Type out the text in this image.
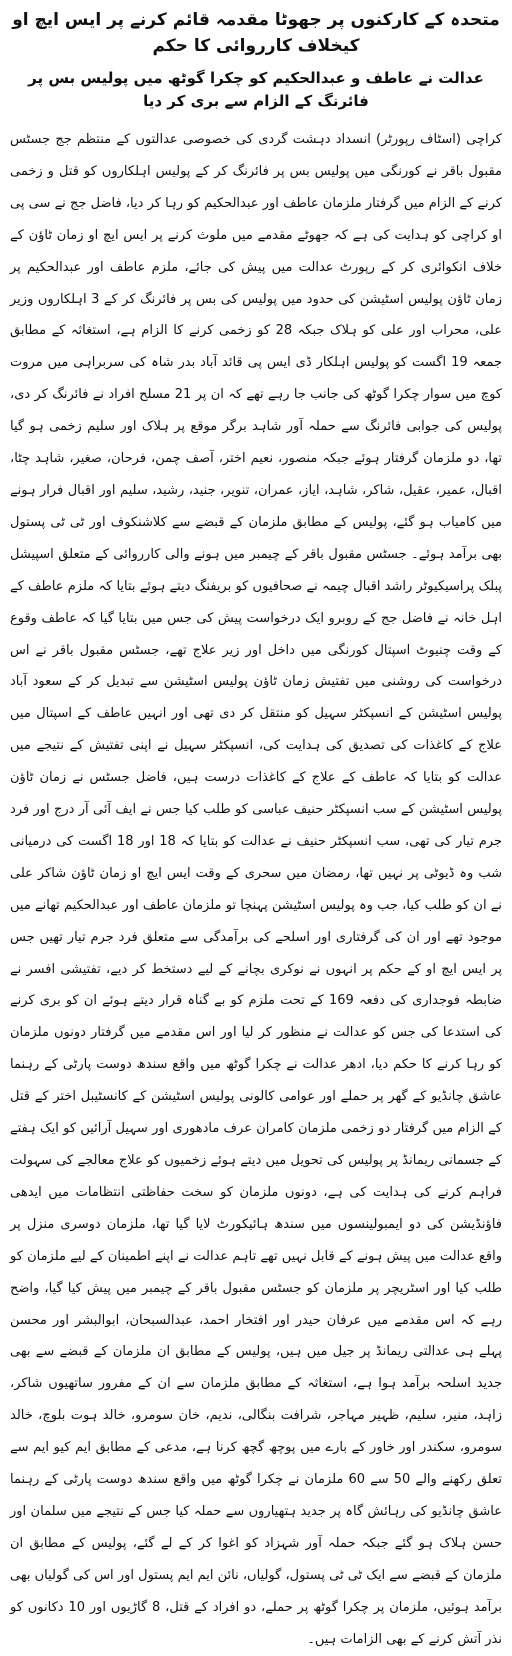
متحدہ کے کارکنوں پر جھوٹا مقدمہ قائم کرنے پر ایس ایچ او کیخلاف کارروائی کا حکم
عدالت نے عاطف و عبدالحکیم کو چکرا گوٹھ میں پولیس بس پر فائرنگ کے الزام سے بری کر دیا

کراچی (اسٹاف رپورٹر) انسداد دہشت گردی کی خصوصی عدالتوں کے منتظم جج جسٹس مقبول باقر نے کورنگی میں پولیس بس پر فائرنگ کر کے پولیس اہلکاروں کو قتل و زخمی کرنے کے الزام میں گرفتار ملزمان عاطف اور عبدالحکیم کو رہا کر دیا، فاضل جج نے سی پی او کراچی کو ہدایت کی ہے کہ جھوٹے مقدمے میں ملوث کرنے پر ایس ایچ او زمان ٹاؤن کے خلاف انکوائری کر کے رپورٹ عدالت میں پیش کی جائے، ملزم عاطف اور عبدالحکیم پر زمان ٹاؤن پولیس اسٹیشن کی حدود میں پولیس کی بس پر فائرنگ کر کے 3 اہلکاروں وزیر علی، محراب اور علی کو ہلاک جبکہ 28 کو زخمی کرنے کا الزام ہے، استغاثہ کے مطابق جمعہ 19 اگست کو پولیس اہلکار ڈی ایس پی قائد آباد بدر شاہ کی سربراہی میں مروت کوچ میں سوار چکرا گوٹھ کی جانب جا رہے تھے کہ ان پر 21 مسلح افراد نے فائرنگ کر دی، پولیس کی جوابی فائرنگ سے حملہ آور شاہد برگر موقع پر ہلاک اور سلیم زخمی ہو گیا تھا، دو ملزمان گرفتار ہوئے جبکہ منصور، نعیم اختر، آصف چمن، فرحان، صغیر، شاہد چٹا، اقبال، عمیر، عقیل، شاکر، شاہد، ایاز، عمران، تنویر، جنید، رشید، سلیم اور اقبال فرار ہونے میں کامیاب ہو گئے، پولیس کے مطابق ملزمان کے قبضے سے کلاشنکوف اور ٹی ٹی پستول بھی برآمد ہوئے۔ جسٹس مقبول باقر کے چیمبر میں ہونے والی کارروائی کے متعلق اسپیشل پبلک پراسیکیوٹر راشد اقبال چیمہ نے صحافیوں کو بریفنگ دیتے ہوئے بتایا کہ ملزم عاطف کے اہل خانہ نے فاضل جج کے روبرو ایک درخواست پیش کی جس میں بتایا گیا کہ عاطف وقوع کے وقت چنیوٹ اسپتال کورنگی میں داخل اور زیر علاج تھے، جسٹس مقبول باقر نے اس درخواست کی روشنی میں تفتیش زمان ٹاؤن پولیس اسٹیشن سے تبدیل کر کے سعود آباد پولیس اسٹیشن کے انسپکٹر سہیل کو منتقل کر دی تھی اور انہیں عاطف کے اسپتال میں علاج کے کاغذات کی تصدیق کی ہدایت کی، انسپکٹر سہیل نے اپنی تفتیش کے نتیجے میں عدالت کو بتایا کہ عاطف کے علاج کے کاغذات درست ہیں، فاضل جسٹس نے زمان ٹاؤن پولیس اسٹیشن کے سب انسپکٹر حنیف عباسی کو طلب کیا جس نے ایف آئی آر درج اور فرد جرم تیار کی تھی، سب انسپکٹر حنیف نے عدالت کو بتایا کہ 18 اور 18 اگست کی درمیانی شب وہ ڈیوٹی پر نہیں تھا، رمضان میں سحری کے وقت ایس ایچ او زمان ٹاؤن شاکر علی نے ان کو طلب کیا، جب وہ پولیس اسٹیشن پہنچا تو ملزمان عاطف اور عبدالحکیم تھانے میں موجود تھے اور ان کی گرفتاری اور اسلحے کی برآمدگی سے متعلق فرد جرم تیار تھیں جس پر ایس ایچ او کے حکم پر انہوں نے نوکری بچانے کے لیے دستخط کر دیے، تفتیشی افسر نے ضابطہ فوجداری کی دفعہ 169 کے تحت ملزم کو بے گناہ قرار دیتے ہوئے ان کو بری کرنے کی استدعا کی جس کو عدالت نے منظور کر لیا اور اس مقدمے میں گرفتار دونوں ملزمان کو رہا کرنے کا حکم دیا، ادھر عدالت نے چکرا گوٹھ میں واقع سندھ دوست پارٹی کے رہنما عاشق چانڈیو کے گھر پر حملے اور عوامی کالونی پولیس اسٹیشن کے کانسٹیبل اختر کے قتل کے الزام میں گرفتار دو زخمی ملزمان کامران عرف مادھوری اور سہیل آرائیں کو ایک ہفتے کے جسمانی ریمانڈ پر پولیس کی تحویل میں دیتے ہوئے زخمیوں کو علاج معالجے کی سہولت فراہم کرنے کی ہدایت کی ہے، دونوں ملزمان کو سخت حفاظتی انتظامات میں ایدھی فاؤنڈیشن کی دو ایمبولینسوں میں سندھ ہائیکورٹ لایا گیا تھا، ملزمان دوسری منزل پر واقع عدالت میں پیش ہونے کے قابل نہیں تھے تاہم عدالت نے اپنے اطمینان کے لیے ملزمان کو طلب کیا اور اسٹریچر پر ملزمان کو جسٹس مقبول باقر کے چیمبر میں پیش کیا گیا، واضح رہے کہ اس مقدمے میں عرفان حیدر اور افتخار احمد، عبدالسبحان، ابوالبشر اور محسن پہلے ہی عدالتی ریمانڈ پر جیل میں ہیں، پولیس کے مطابق ان ملزمان کے قبضے سے بھی جدید اسلحہ برآمد ہوا ہے، استغاثہ کے مطابق ملزمان سے ان کے مفرور ساتھیوں شاکر، زاہد، منیر، سلیم، ظہیر مہاجر، شرافت بنگالی، ندیم، خان سومرو، خالد ہوت بلوچ، خالد سومرو، سکندر اور خاور کے بارے میں پوچھ گچھ کرنا ہے، مدعی کے مطابق ایم کیو ایم سے تعلق رکھنے والے 50 سے 60 ملزمان نے چکرا گوٹھ میں واقع سندھ دوست پارٹی کے رہنما عاشق چانڈیو کی رہائش گاہ پر جدید ہتھیاروں سے حملہ کیا جس کے نتیجے میں سلمان اور حسن ہلاک ہو گئے جبکہ حملہ آور شہزاد کو اغوا کر کے لے گئے، پولیس کے مطابق ان ملزمان کے قبضے سے ایک ٹی ٹی پستول، گولیاں، نائن ایم ایم پستول اور اس کی گولیاں بھی برآمد ہوئیں، ملزمان پر چکرا گوٹھ پر حملے، دو افراد کے قتل، 8 گاڑیوں اور 10 دکانوں کو نذر آتش کرنے کے بھی الزامات ہیں۔
